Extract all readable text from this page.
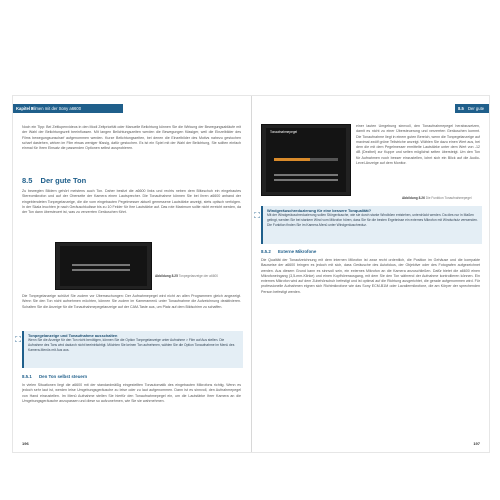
Kapitel 8
Filmen mit der Sony a6600
Noch ein Tipp: Bei Zeitlupenvideos in den Modi Zeitpriorität oder Manuelle Belichtung können Sie die Wirkung der Bewegungsabläufe mit der Wahl der Belichtungszeit beeinflussen. Mit langen Belichtungszeiten werden die Bewegungen flüssiger, weil die Einzelbilder des Films bewegungsunscharf aufgenommen werden. Kurze Belichtungszeiten, bei denen die Einzelbilder des Motivs nahezu gestochen scharf dastehen, wirken im Film etwas weniger flüssig, dafür gestochen. Es ist ein Spiel mit der Wahl der Belichtung, Sie sollten einfach einmal für Ihren Einsatz die passenden Optionen selbst ausprobieren.
8.5 Der gute Ton
Zu bewegten Bildern gehört meistens auch Ton. Daher besitzt die a6600 links und rechts neben dem Blitzschuh ein eingebautes Stereomikrofon und auf der Oberseite der Kamera einen Lautsprecher. Die Tonaufnahme können Sie bei Ihren a6600 anhand der eingeblendeten Tonpegelanzeige, die die vom eingebauten Pegelmesser aktuell gemessene Lautstärke anzeigt, stets optisch verfolgen. In der Skala leuchten je nach Geräuschkulisse bis zu 10 Felder für Ihre Lautstärke auf. Das rote Maximum sollte nicht erreicht werden, da der Ton dann übersteuert ist, was zu verzerrten Geräuschen führt.
Abbildung 8.25 Tonpegelanzeige der a6600
Die Tonpegelanzeige schützt Sie zudem vor Überraschungen: Der Aufnahmepegel wird nicht an allen Programmen gleich angezeigt. Wenn Sie den Ton nicht aufnehmen möchten, können Sie zudem im Kameramenü unter Tonaufnahme die Aufzeichnung deaktivieren. Schalten Sie die Anzeige für die Tonaufnahmepegelanzeige auf der CAM-Taste aus, um Platz auf dem Bildschirm zu schaffen.
⛶	Tonpegelanzeige und Tonaufnahme ausschalten
Wenn Sie die Anzeige für den Ton nicht benötigen, können Sie die Option Tonpegelanzeige unter Aufnahme > Film auf Aus stellen. Die Aufnahme des Tons wird dadurch nicht beeinträchtigt. Möchten Sie keinen Ton aufnehmen, wählen Sie die Option Tonaufnahme im Menü des Kamera-Menüs mit Aus aus.
8.5.1 Den Ton selbst steuern
In vielen Situationen liegt die a6600 mit der standardmäßig eingestellten Tonautomatik des eingebauten Mikrofons richtig. Wenn es jedoch sehr laut ist, werden leise Umgebungsgeräusche zu leise oder zu laut aufgenommen. Dann ist es sinnvoll, den Aufnahmepegel von Hand einzustellen. Im Menü Aufnahme stellen Sie hierfür den Tonaufnahmepegel ein, um die Lautstärke Ihrer Kamera an die Umgebungsgeräusche anzupassen und diese so aufzunehmen, wie Sie sie wahrnehmen.
196
8.5 Der gute Ton
Tonaufnahmepegel
einer lauten Umgebung sinnvoll, den Tonaufnahmepegel herabzusetzen, damit es nicht zu einer Übersteuerung und verzerrten Geräuschen kommt. Die Tonaufnahme liegt in einem guten Bereich, wenn die Tonpegelanzeige auf maximal zwölf grüne Teilstriche anzeigt. Wählen Sie dazu einen Wert aus, bei dem die mit dem Pegelmesser ermittelte Lautstärke unter dem Wert von -12 dB (Dezibel) zur Kuppe und selten möglichst selten übersteigt. Um den Ton für Aufnahmen noch besser einzustellen, lohnt sich ein Blick auf die Audio-Level-Anzeige auf dem Monitor.
Abbildung 8.26 Die Funktion Tonaufnahmepegel
⛶
Windgeräuschreduzierung für eine bessere Tonqualität?
Mit der Windgeräuschreduzierung sollen Störgeräusche, wie sie durch starke Windböen entstehen, unterdrückt werden. Da dies nur in Maßen gelingt, werden Sie bei starkem Wind vom Mikrofon hören, dass Sie für die besten Ergebnisse ein externes Mikrofon mit Windschutz verwenden. Die Funktion finden Sie im Kamera-Menü unter Windgeräuschreduz.
8.5.2 Externe Mikrofone
Die Qualität der Tonaufzeichnung mit dem internen Mikrofon ist zwar recht ordentlich, die Position im Gehäuse und die kompakte Bauweise der a6600 bringen es jedoch mit sich, dass Geräusche des Autofokus, der Objektive oder des Fotografen aufgezeichnet werden. Aus diesem Grund kann es sinnvoll sein, ein externes Mikrofon an die Kamera anzuschließen. Dafür bietet die a6600 einen Mikrofoneingang (3,5-mm-Klinke) und einen Kopfhörerausgang, mit dem Sie den Ton während der Aufnahme kontrollieren können. Ein externes Mikrofon wird auf dem Zubehörschuh befestigt und ist optimal auf die Richtung ausgerichtet, die gerade aufgenommen wird. Für professionelle Aufnahmen eignen sich Richtmikrofone wie das Sony ECM-B1M oder Lavaliermikrofone, die am Körper der sprechenden Person befestigt werden.
197
